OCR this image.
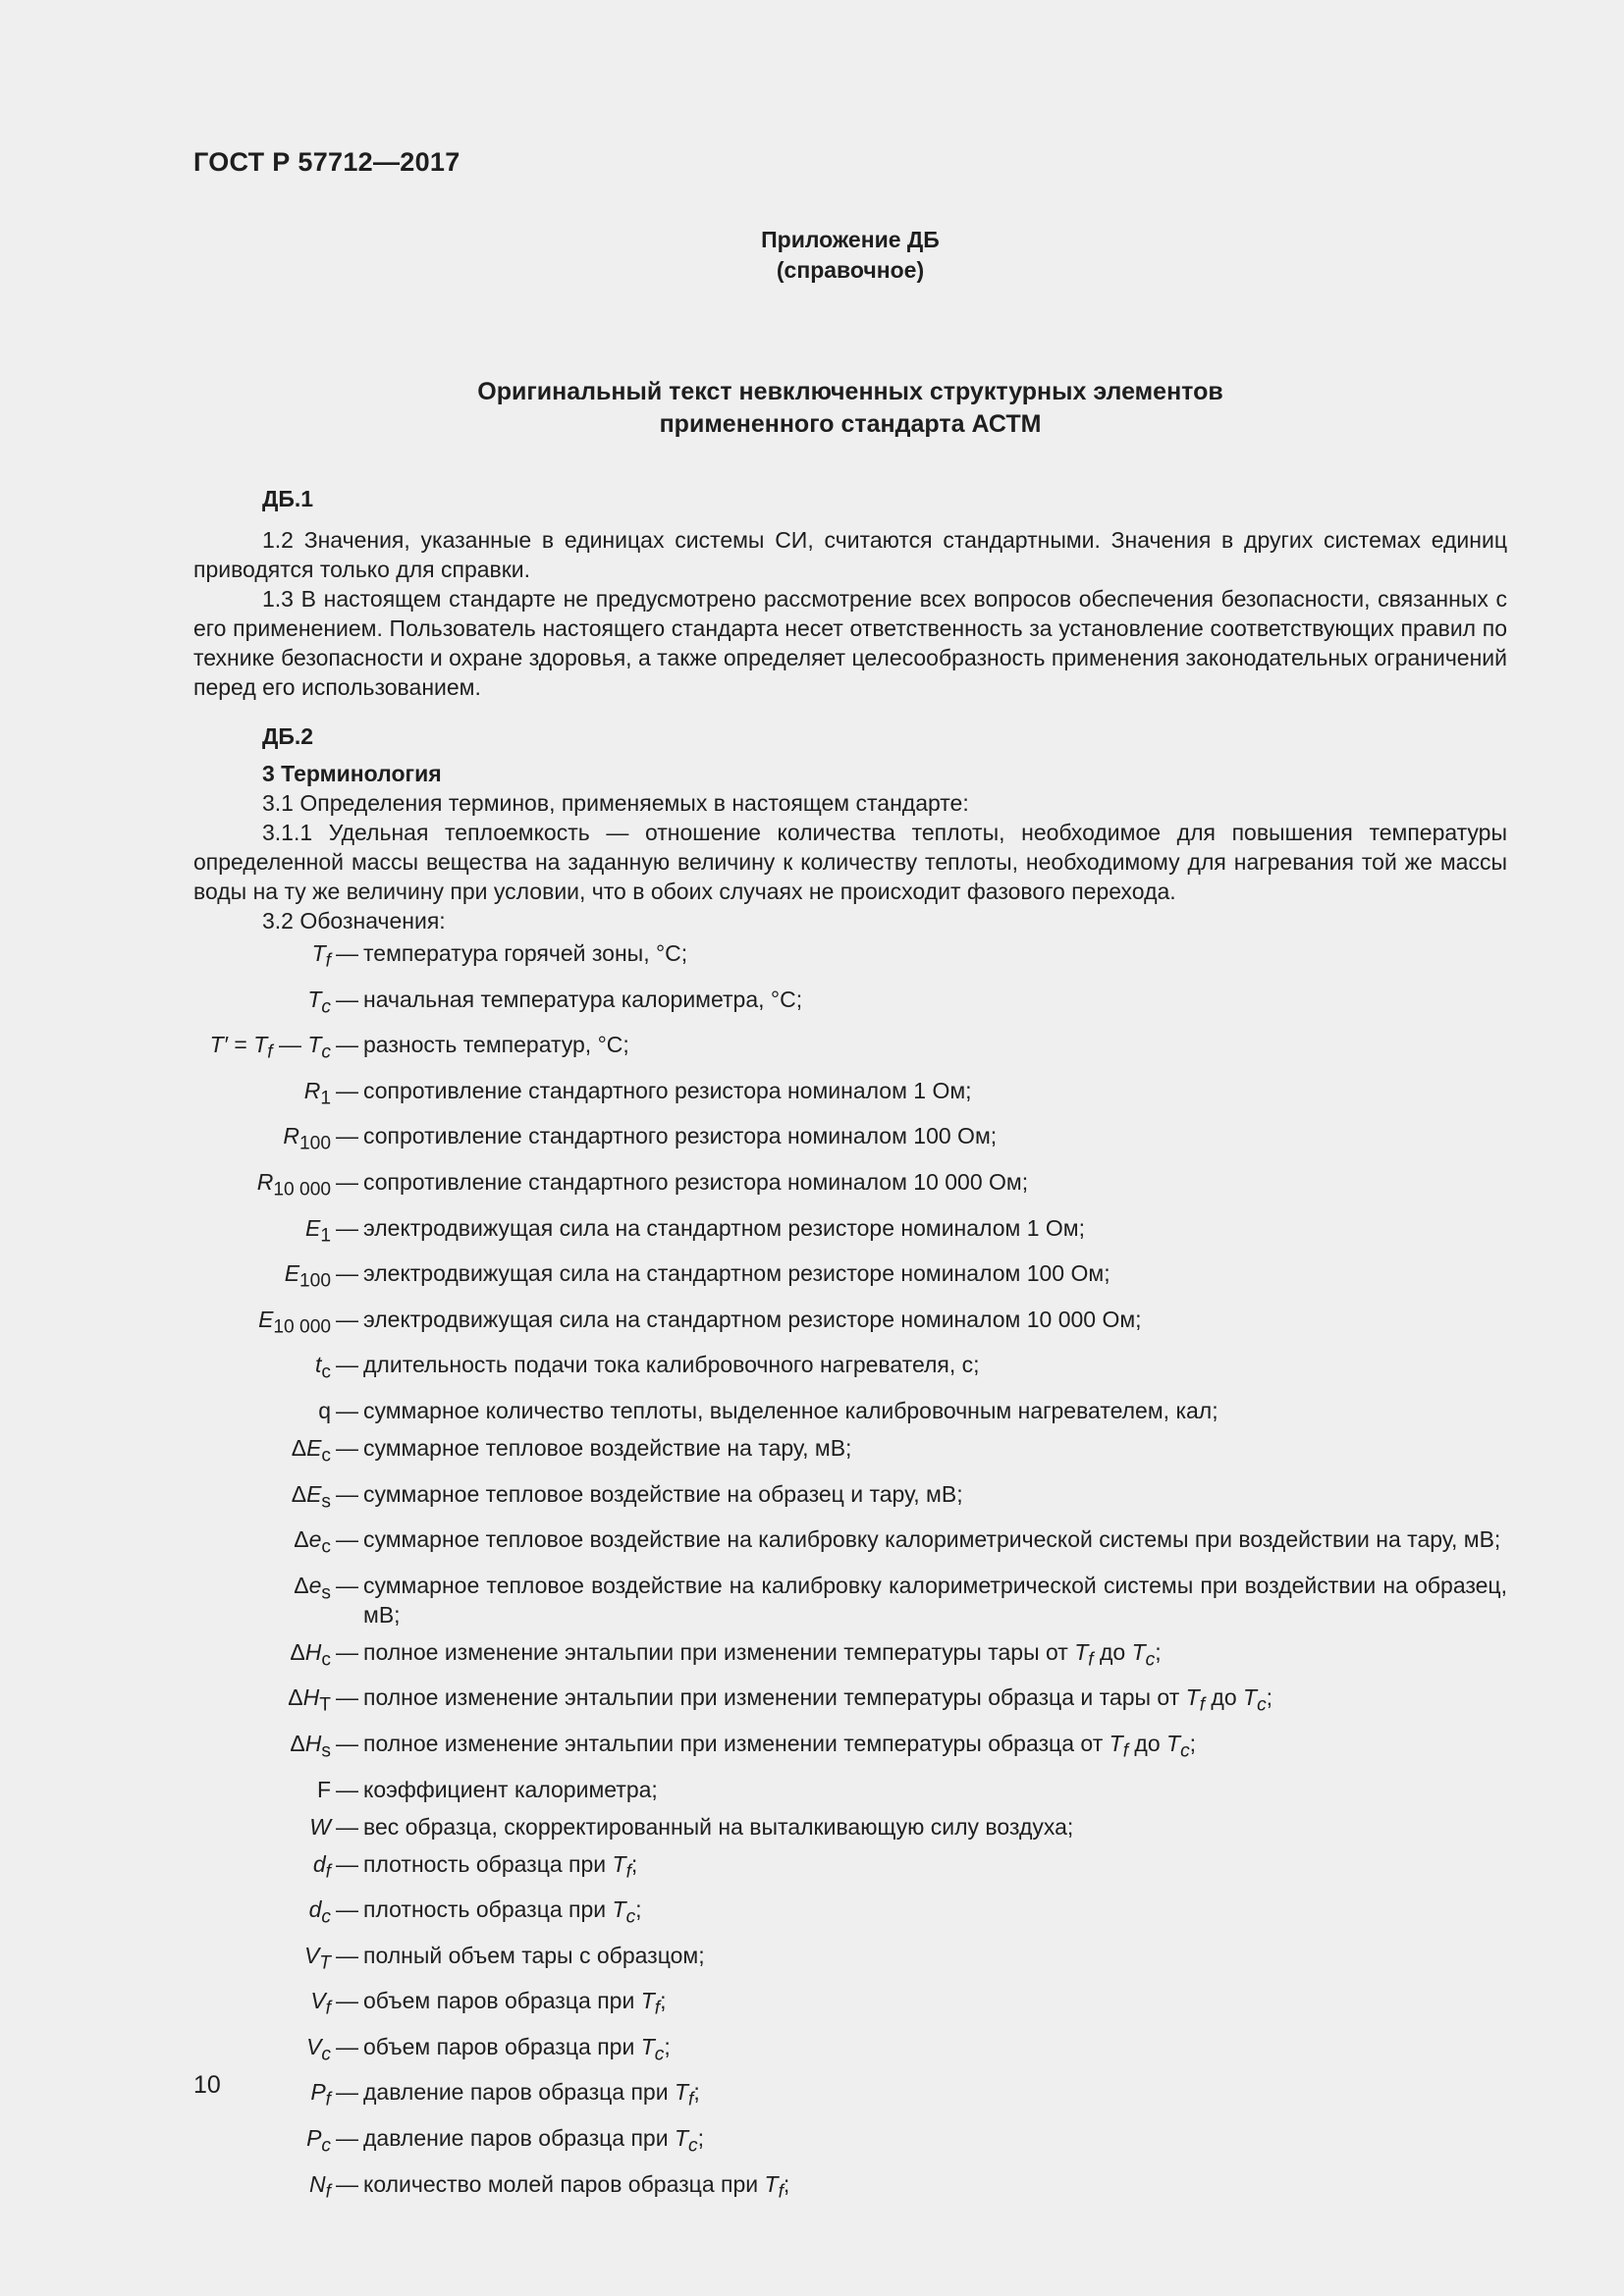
ГОСТ Р 57712—2017
Приложение ДБ
(справочное)
Оригинальный текст невключенных структурных элементов
примененного стандарта АСТМ
ДБ.1

1.2 Значения, указанные в единицах системы СИ, считаются стандартными. Значения в других системах единиц приводятся только для справки.

1.3 В настоящем стандарте не предусмотрено рассмотрение всех вопросов обеспечения безопасности, связанных с его применением. Пользователь настоящего стандарта несет ответственность за установление соответствующих правил по технике безопасности и охране здоровья, а также определяет целесообразность применения законодательных ограничений перед его использованием.

ДБ.2
3 Терминология

3.1 Определения терминов, применяемых в настоящем стандарте:

3.1.1 Удельная теплоемкость — отношение количества теплоты, необходимое для повышения температуры определенной массы вещества на заданную величину к количеству теплоты, необходимому для нагревания той же массы воды на ту же величину при условии, что в обоих случаях не происходит фазового перехода.

3.2 Обозначения:

$T_f$ — температура горячей зоны, °С;
$T_c$ — начальная температура калориметра, °С;
$T' = T_f$ — $T_c$ — разность температур, °С;
$R_1$ — сопротивление стандартного резистора номиналом 1 Ом;
$R_{100}$ — сопротивление стандартного резистора номиналом 100 Ом;
$R_{10 000}$ — сопротивление стандартного резистора номиналом 10 000 Ом;
$E_1$ — электродвижущая сила на стандартном резисторе номиналом 1 Ом;
$E_{100}$ — электродвижущая сила на стандартном резисторе номиналом 100 Ом;
$E_{10 000}$ — электродвижущая сила на стандартном резисторе номиналом 10 000 Ом;
$t_c$ — длительность подачи тока калибровочного нагревателя, с;
q — суммарное количество теплоты, выделенное калибровочным нагревателем, кал;
$\Delta E_c$ — суммарное тепловое воздействие на тару, мВ;
$\Delta E_s$ — суммарное тепловое воздействие на образец и тару, мВ;
$\Delta e_c$ — суммарное тепловое воздействие на калибровку калориметрической системы при воздействии на тару, мВ;
$\Delta e_s$ — суммарное тепловое воздействие на калибровку калориметрической системы при воздействии на образец, мВ;
$\Delta H_c$ — полное изменение энтальпии при изменении температуры тары от $T_f$ до $T_c$;
$\Delta H_T$ — полное изменение энтальпии при изменении температуры образца и тары от $T_f$ до $T_c$;
$\Delta H_s$ — полное изменение энтальпии при изменении температуры образца от $T_f$ до $T_c$;
F — коэффициент калориметра;
W — вес образца, скорректированный на выталкивающую силу воздуха;
$d_f$ — плотность образца при $T_f$;
$d_c$ — плотность образца при $T_c$;
$V_T$ — полный объем тары с образцом;
$V_f$ — объем паров образца при $T_f$;
$V_c$ — объем паров образца при $T_c$;
$P_f$ — давление паров образца при $T_f$;
$P_c$ — давление паров образца при $T_c$;
$N_f$ — количество молей паров образца при $T_f$;
10
